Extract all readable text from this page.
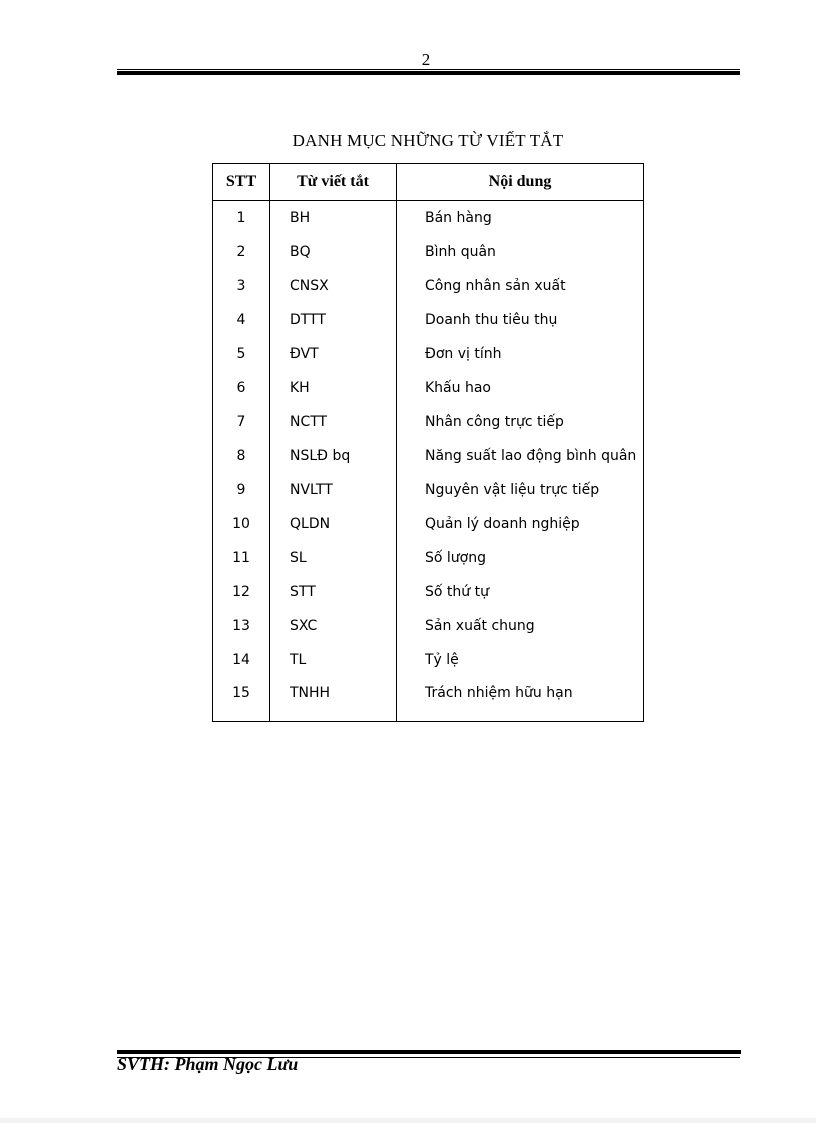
2
DANH MỤC NHỮNG TỪ VIẾT TẮT
STT	Từ viết tắt	Nội dung
1	BH	Bán hàng
2	BQ	Bình quân
3	CNSX	Công nhân sản xuất
4	DTTT	Doanh thu tiêu thụ
5	ĐVT	Đơn vị tính
6	KH	Khấu hao
7	NCTT	Nhân công trực tiếp
8	NSLĐ bq	Năng suất lao động bình quân
9	NVLTT	Nguyên vật liệu trực tiếp
10	QLDN	Quản lý doanh nghiệp
11	SL	Số lượng
12	STT	Số thứ tự
13	SXC	Sản xuất chung
14	TL	Tỷ lệ
15	TNHH	Trách nhiệm hữu hạn
SVTH: Phạm Ngọc Lưu
